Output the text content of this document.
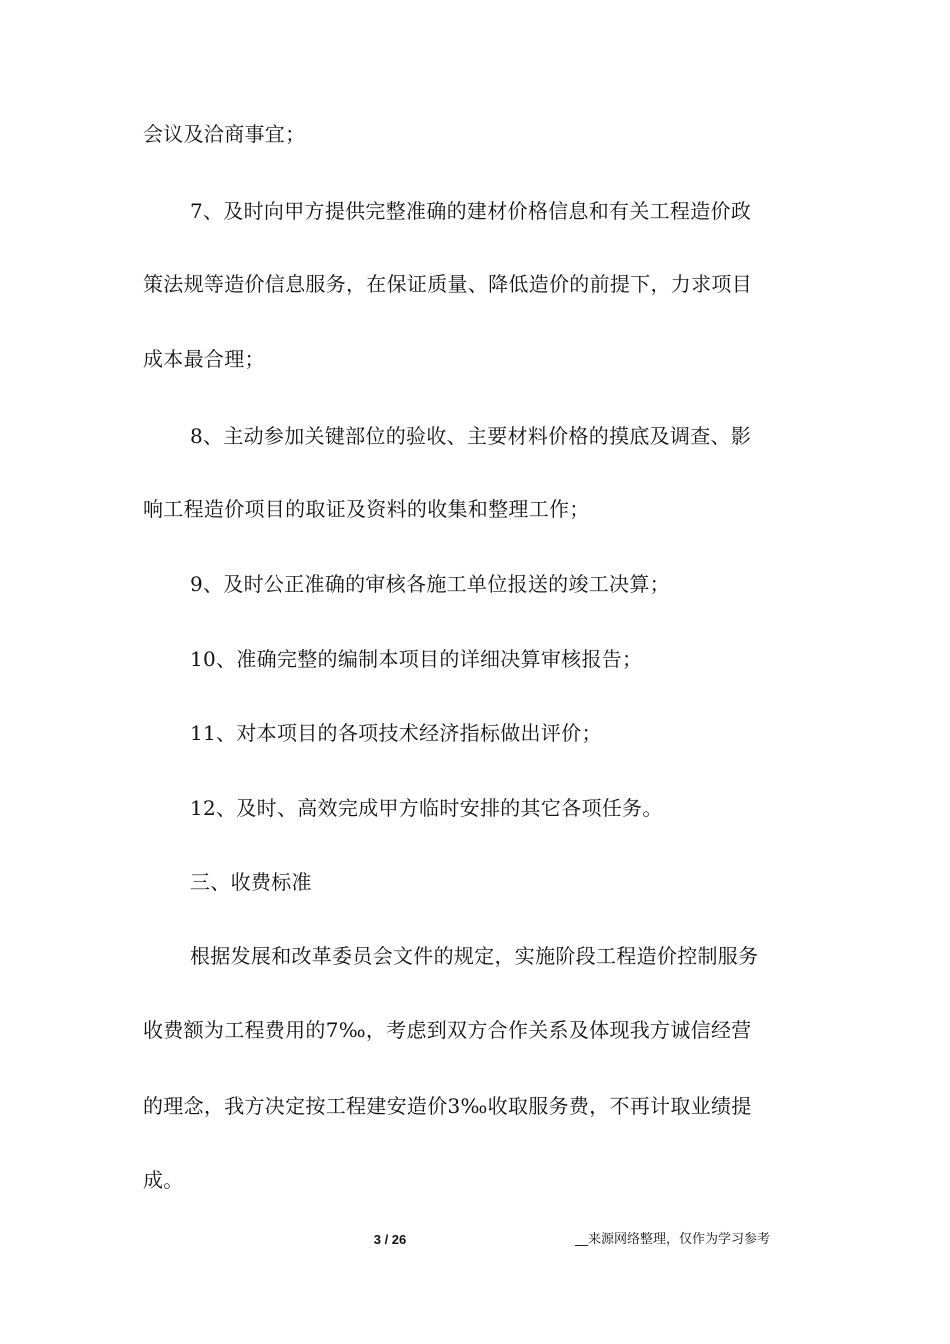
会议及洽商事宜；
7、及时向甲方提供完整准确的建材价格信息和有关工程造价政
策法规等造价信息服务，在保证质量、降低造价的前提下，力求项目
成本最合理；
8、主动参加关键部位的验收、主要材料价格的摸底及调查、影
响工程造价项目的取证及资料的收集和整理工作；
9、及时公正准确的审核各施工单位报送的竣工决算；
10、准确完整的编制本项目的详细决算审核报告；
11、对本项目的各项技术经济指标做出评价；
12、及时、高效完成甲方临时安排的其它各项任务。
三、收费标准
根据发展和改革委员会文件的规定，实施阶段工程造价控制服务
收费额为工程费用的7‰，考虑到双方合作关系及体现我方诚信经营
的理念，我方决定按工程建安造价3‰收取服务费，不再计取业绩提
成。
3 / 26	__来源网络整理，仅作为学习参考
